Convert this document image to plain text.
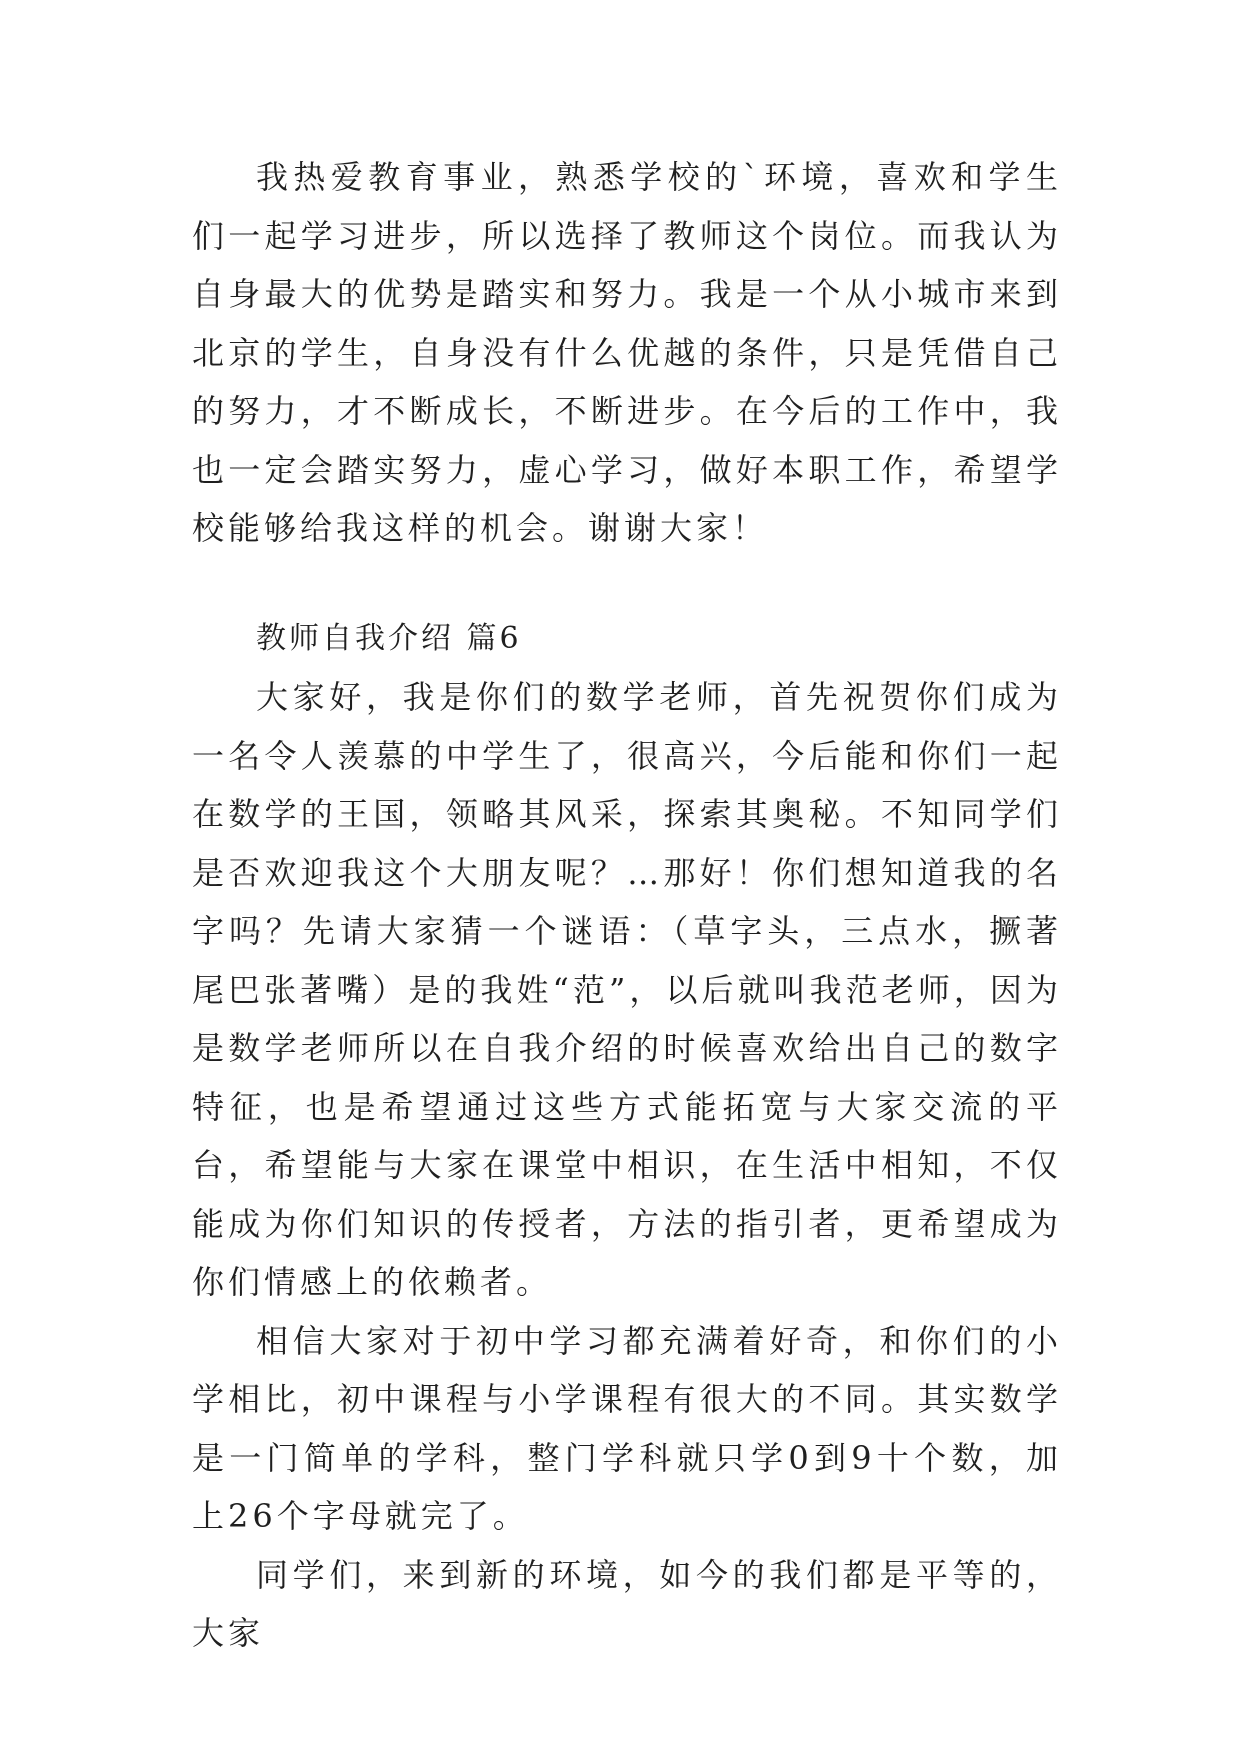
我热爱教育事业，熟悉学校的`环境，喜欢和学生们一起学习进步，所以选择了教师这个岗位。而我认为自身最大的优势是踏实和努力。我是一个从小城市来到北京的学生，自身没有什么优越的条件，只是凭借自己的努力，才不断成长，不断进步。在今后的工作中，我也一定会踏实努力，虚心学习，做好本职工作，希望学校能够给我这样的机会。谢谢大家！

教师自我介绍 篇6

大家好，我是你们的数学老师，首先祝贺你们成为一名令人羡慕的中学生了，很高兴，今后能和你们一起在数学的王国，领略其风采，探索其奥秘。不知同学们是否欢迎我这个大朋友呢？…那好！你们想知道我的名字吗？先请大家猜一个谜语：（草字头，三点水，撅著尾巴张著嘴）是的我姓“范”，以后就叫我范老师，因为是数学老师所以在自我介绍的时候喜欢给出自己的数字特征，也是希望通过这些方式能拓宽与大家交流的平台，希望能与大家在课堂中相识，在生活中相知，不仅能成为你们知识的传授者，方法的指引者，更希望成为你们情感上的依赖者。

相信大家对于初中学习都充满着好奇，和你们的小学相比，初中课程与小学课程有很大的不同。其实数学是一门简单的学科，整门学科就只学0到9十个数，加上26个字母就完了。

同学们，来到新的环境，如今的我们都是平等的，大家
